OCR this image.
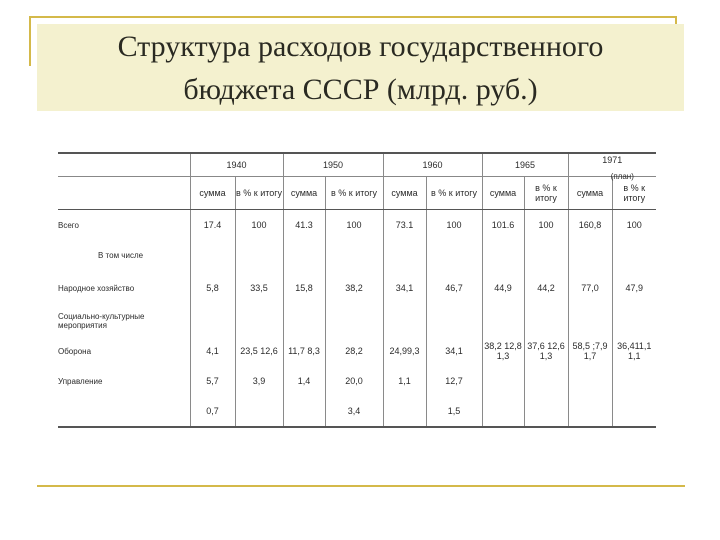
Структура расходов государственного
бюджета СССР (млрд. руб.)
	1940		1950		1960		1965		1971
(план)	
	сумма	в % к итогу	сумма	в % к итогу	сумма	в % к итогу	сумма	в % к итогу	сумма	в % к итогу
Всего	17.4	100	41.3	100	73.1	100	101.6	100	160,8	100
В том числе										
Народное хозяйство	5,8	33,5	15,8	38,2	34,1	46,7	44,9	44,2	77,0	47,9
Социально-культурные мероприятия										
Оборона	4,1	23,5 12,6	11,7 8,3	28,2	24,99,3	34,1	38,2 12,8 1,3	37,6 12,6 1,3	58,5 ;7,9 1,7	36,411,1 1,1
Управление	5,7	3,9	1,4	20,0	1,1	12,7				
	0,7			3,4		1,5				
